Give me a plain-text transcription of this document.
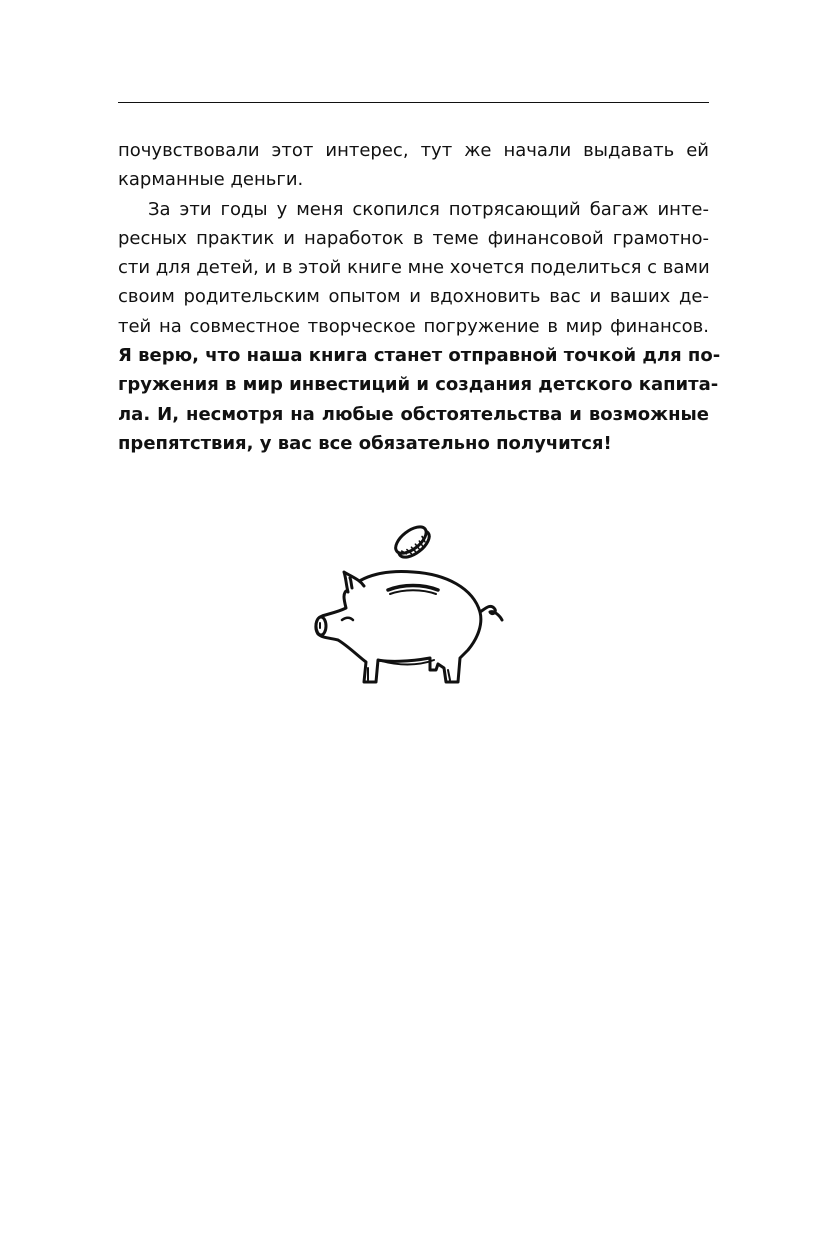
почувствовали этот интерес, тут же начали выдавать ей
карманные деньги.
За эти годы у меня скопился потрясающий багаж инте-
ресных практик и наработок в теме финансовой грамотно-
сти для детей, и в этой книге мне хочется поделиться с вами
своим родительским опытом и вдохновить вас и ваших де-
тей на совместное творческое погружение в мир финансов.
Я верю, что наша книга станет отправной точкой для по-
гружения в мир инвестиций и создания детского капита-
ла. И, несмотря на любые обстоятельства и возможные
препятствия, у вас все обязательно получится!
